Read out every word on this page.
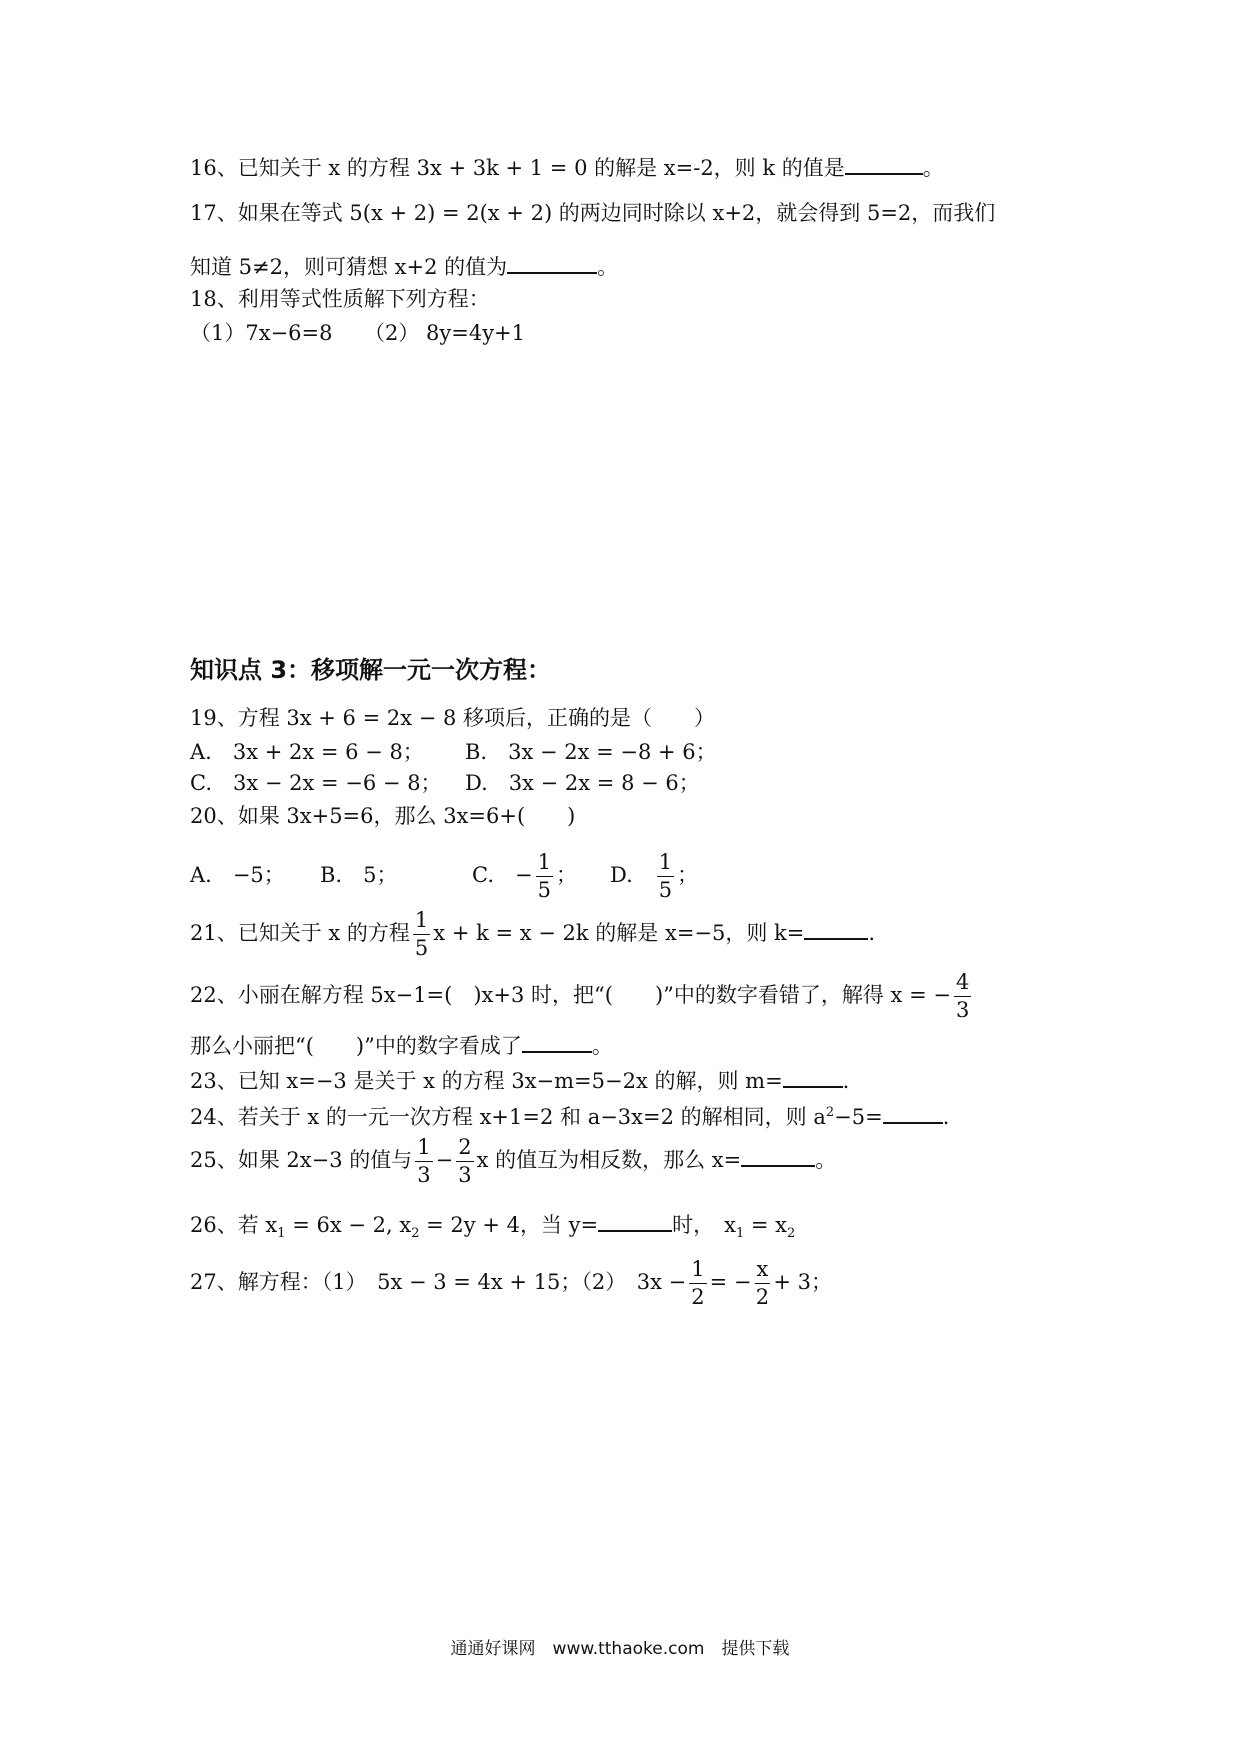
16、已知关于 x 的方程 3x + 3k + 1 = 0 的解是 x=-2，则 k 的值是	。
17、如果在等式 5(x + 2) = 2(x + 2) 的两边同时除以 x+2，就会得到 5=2，而我们
知道 5≠2，则可猜想 x+2 的值为	。
18、利用等式性质解下列方程：
（1）7x−6=8　　（2） 8y=4y+1
知识点 3：移项解一元一次方程：
19、方程 3x + 6 = 2x − 8 移项后，正确的是（　　）
A.　3x + 2x = 6 − 8； B.　3x − 2x = −8 + 6；
C.　3x − 2x = −6 − 8； D.　3x − 2x = 8 − 6；
20、如果 3x+5=6，那么 3x=6+(　　)
A.　−5； B.　5；	C.　− $\frac{1}{5}$ ； D.　 $\frac{1}{5}$ ；
21、已知关于 x 的方程 $\frac{1}{5}$ x + k = x − 2k 的解是 x=−5，则 k=	.
22、小丽在解方程 5x−1=(　)x+3 时，把“(　　)”中的数字看错了，解得 x = − $\frac{4}{3}$
那么小丽把“(　　)”中的数字看成了	。
23、已知 x=−3 是关于 x 的方程 3x−m=5−2x 的解，则 m=	.
24、若关于 x 的一元一次方程 x+1=2 和 a−3x=2 的解相同，则 $a^2-5=$	.
25、如果 2x−3 的值与 $\frac{1}{3} - \frac{2}{3}$ x 的值互为相反数，那么 x=	。
26、若 $x_1 = 6x - 2$, $x_2 = 2y + 4$，当 y=	时， $x_1 = x_2$
27、解方程：（1）　5x − 3 = 4x + 15；（2）　$3x - \frac{1}{2}$ = − $\frac{x}{2} + 3$；
通通好课网　www.tthaoke.com　提供下载
